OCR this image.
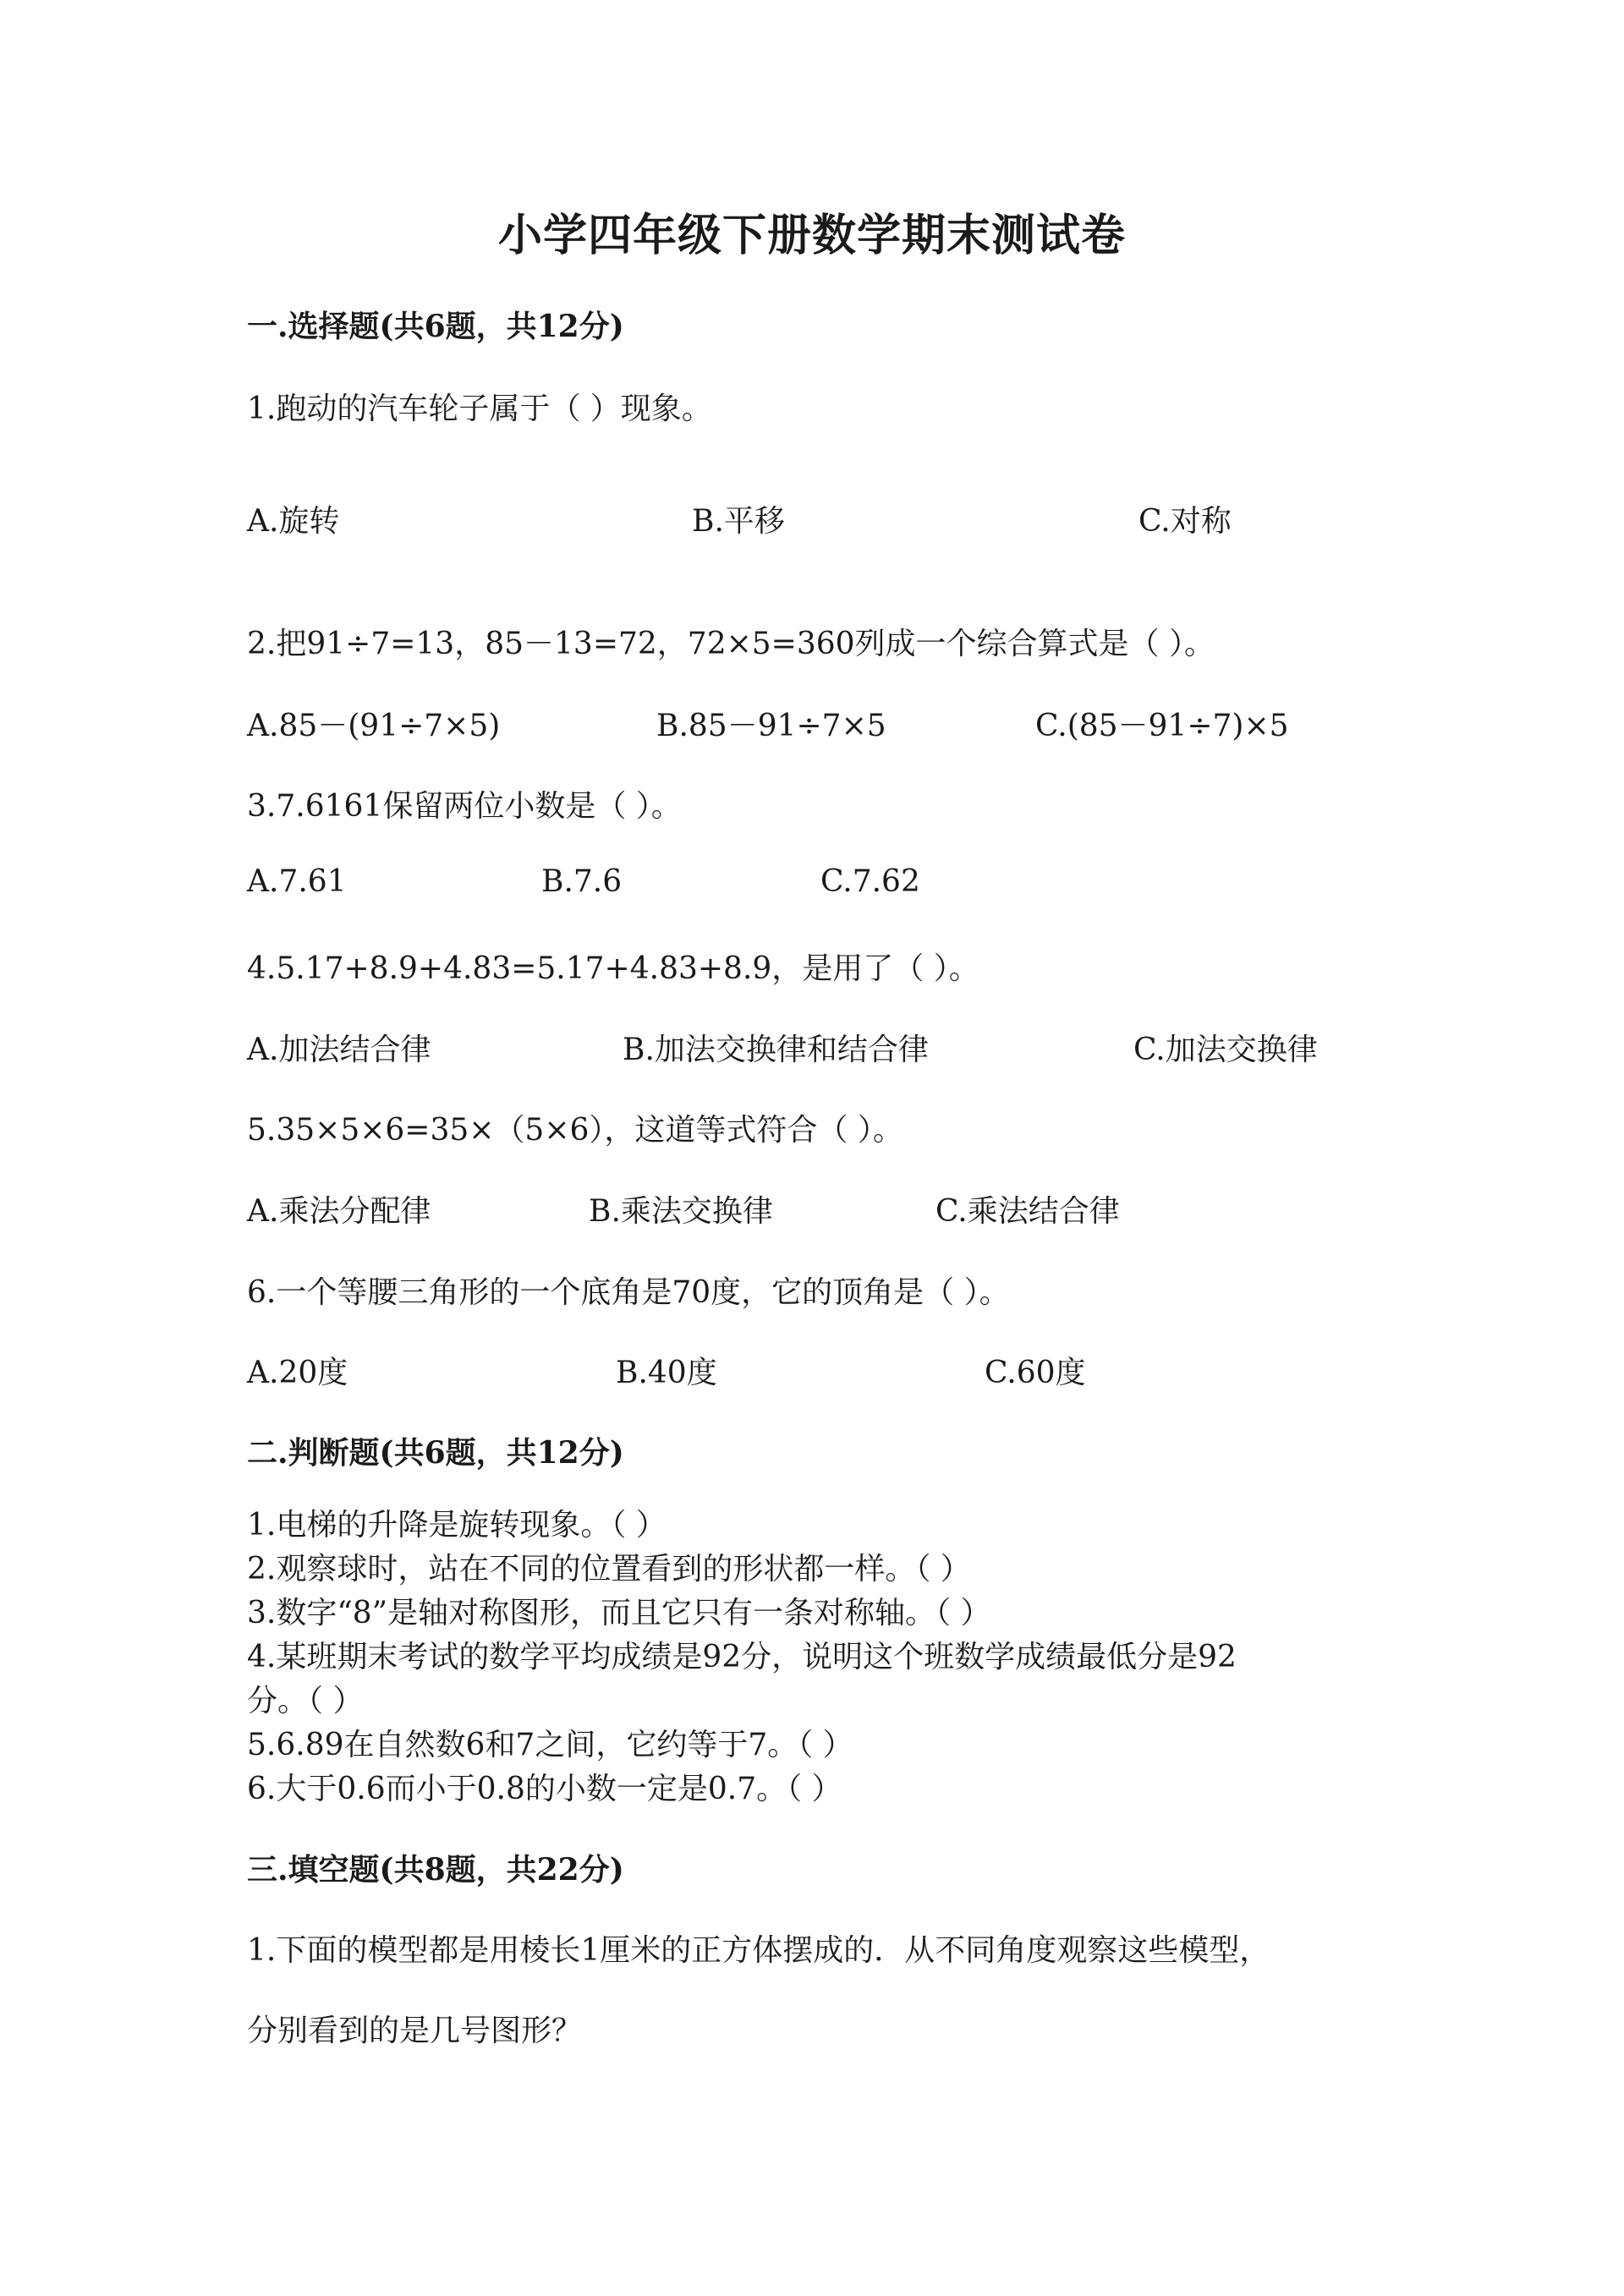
小学四年级下册数学期末测试卷
一.选择题(共6题，共12分)
1.跑动的汽车轮子属于（ ）现象。
A.旋转	B.平移	C.对称
2.把91÷7=13，85－13=72，72×5=360列成一个综合算式是（ ）。
A.85－(91÷7×5)	B.85－91÷7×5	C.(85－91÷7)×5
3.7.6161保留两位小数是（ ）。
A.7.61	B.7.6	C.7.62
4.5.17+8.9+4.83=5.17+4.83+8.9，是用了（ ）。
A.加法结合律	B.加法交换律和结合律	C.加法交换律
5.35×5×6=35×（5×6），这道等式符合（ ）。
A.乘法分配律	B.乘法交换律	C.乘法结合律
6.一个等腰三角形的一个底角是70度，它的顶角是（ ）。
A.20度	B.40度	C.60度
二.判断题(共6题，共12分)
1.电梯的升降是旋转现象。（ ）
2.观察球时，站在不同的位置看到的形状都一样。（ ）
3.数字“8”是轴对称图形，而且它只有一条对称轴。（ ）
4.某班期末考试的数学平均成绩是92分，说明这个班数学成绩最低分是92
分。（ ）
5.6.89在自然数6和7之间，它约等于7。（ ）
6.大于0.6而小于0.8的小数一定是0.7。（ ）
三.填空题(共8题，共22分)
1.下面的模型都是用棱长1厘米的正方体摆成的．从不同角度观察这些模型，
分别看到的是几号图形？
